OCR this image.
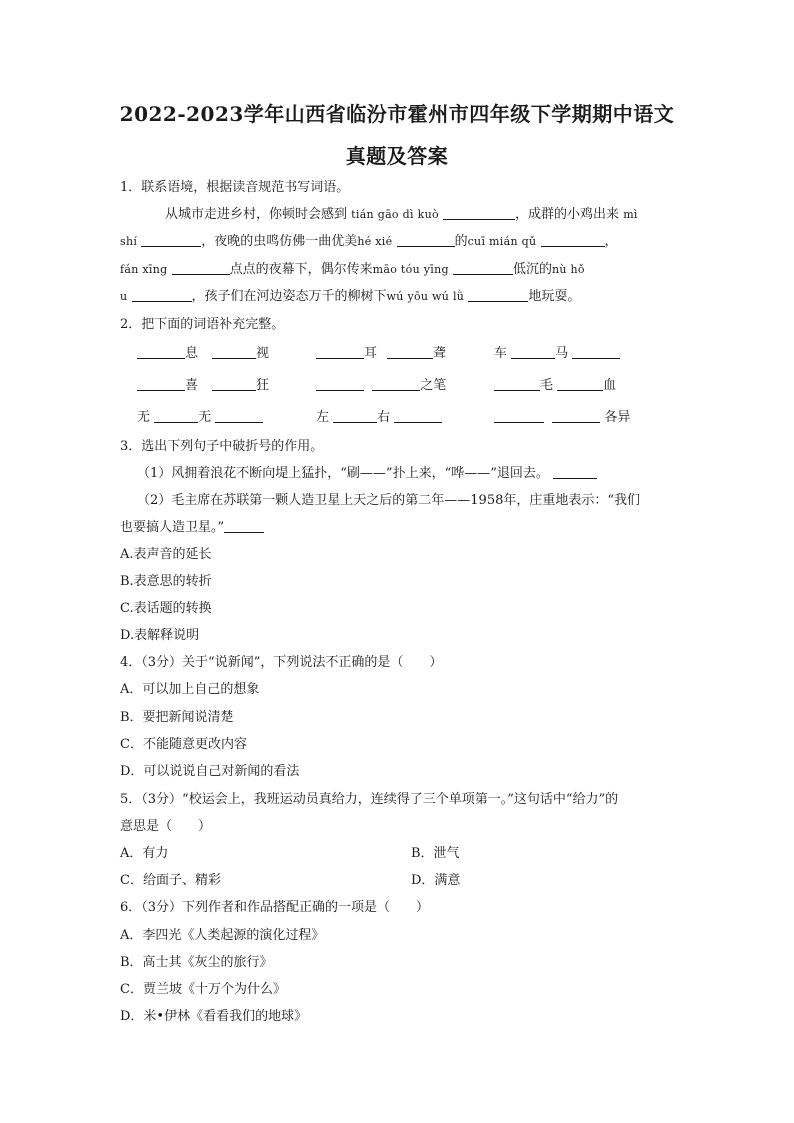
2022-2023学年山西省临汾市霍州市四年级下学期期中语文
真题及答案
1．联系语境，根据读音规范书写词语。
从城市走进乡村，你顿时会感到 tián gāo dì kuò	，成群的小鸡出来 mì
shí	，夜晚的虫鸣仿佛一曲优美hé xié	的cuī mián qǔ	，
fán xīng	点点的夜幕下，偶尔传来māo tóu yīng	低沉的nù hǒ
u	，孩子们在河边姿态万千的柳树下wú yōu wú lǜ	地玩耍。
2．把下面的词语补充完整。
息	视	耳	聋	车	马
喜	狂	之笔	毛	血
无	无	左	右	各异
3．选出下列句子中破折号的作用。
（1）风拥着浪花不断向堤上猛扑，“刷——”扑上来，“哗——”退回去。
（2）毛主席在苏联第一颗人造卫星上天之后的第二年——1958年，庄重地表示：“我们
也要搞人造卫星。”
A.表声音的延长
B.表意思的转折
C.表话题的转换
D.表解释说明
4．（3分）关于“说新闻”，下列说法不正确的是（　　）
A．可以加上自己的想象
B．要把新闻说清楚
C．不能随意更改内容
D．可以说说自己对新闻的看法
5．（3分）“校运会上，我班运动员真给力，连续得了三个单项第一。”这句话中“给力”的
意思是（　　）
A．有力	B．泄气
C．给面子、精彩	D．满意
6．（3分）下列作者和作品搭配正确的一项是（　　）
A．李四光《人类起源的演化过程》
B．高士其《灰尘的旅行》
C．贾兰坡《十万个为什么》
D．米•伊林《看看我们的地球》
